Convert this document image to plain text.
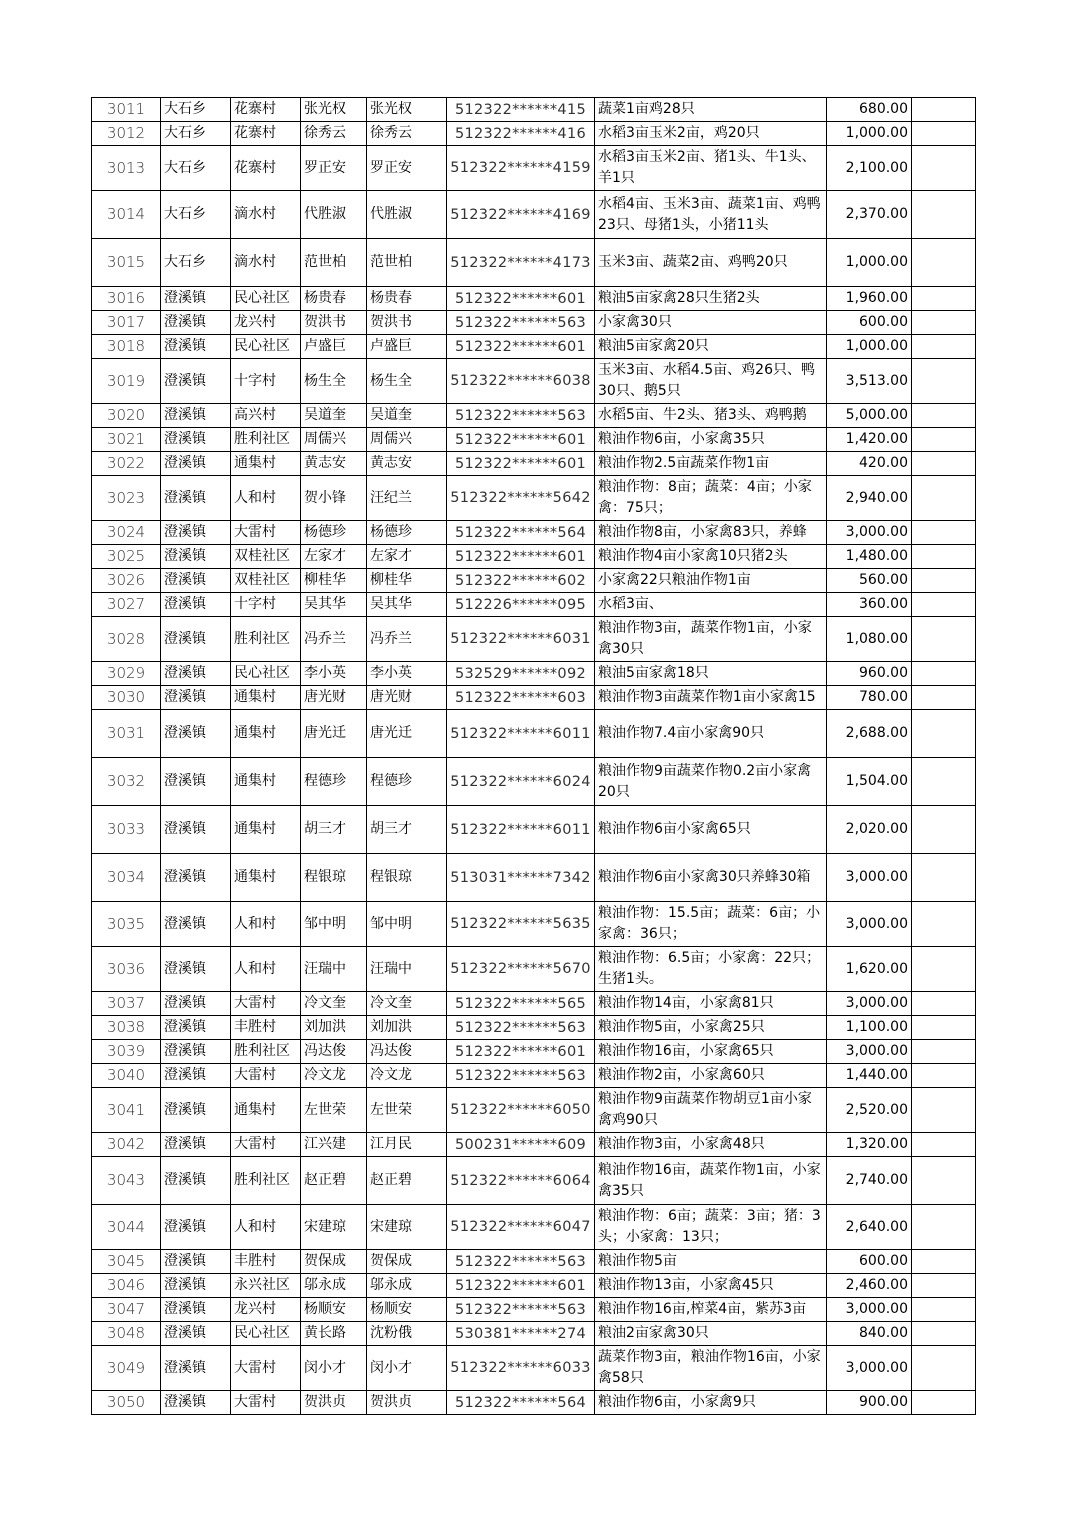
3011	大石乡	花寨村	张光权	张光权	512322******415	蔬菜1亩鸡28只	680.00	
3012	大石乡	花寨村	徐秀云	徐秀云	512322******416	水稻3亩玉米2亩，鸡20只	1,000.00	
3013	大石乡	花寨村	罗正安	罗正安	512322******4159	水稻3亩玉米2亩、猪1头、牛1头、羊1只	2,100.00	
3014	大石乡	滴水村	代胜淑	代胜淑	512322******4169	水稻4亩、玉米3亩、蔬菜1亩、鸡鸭23只、母猪1头，小猪11头	2,370.00	
3015	大石乡	滴水村	范世柏	范世柏	512322******4173	玉米3亩、蔬菜2亩、鸡鸭20只	1,000.00	
3016	澄溪镇	民心社区	杨贵春	杨贵春	512322******601	粮油5亩家禽28只生猪2头	1,960.00	
3017	澄溪镇	龙兴村	贺洪书	贺洪书	512322******563	小家禽30只	600.00	
3018	澄溪镇	民心社区	卢盛巨	卢盛巨	512322******601	粮油5亩家禽20只	1,000.00	
3019	澄溪镇	十字村	杨生全	杨生全	512322******6038	玉米3亩、水稻4.5亩、鸡26只、鸭30只、鹅5只	3,513.00	
3020	澄溪镇	高兴村	吴道奎	吴道奎	512322******563	水稻5亩、牛2头、猪3头、鸡鸭鹅	5,000.00	
3021	澄溪镇	胜利社区	周儒兴	周儒兴	512322******601	粮油作物6亩，小家禽35只	1,420.00	
3022	澄溪镇	通集村	黄志安	黄志安	512322******601	粮油作物2.5亩蔬菜作物1亩	420.00	
3023	澄溪镇	人和村	贺小锋	汪纪兰	512322******5642	粮油作物：8亩；蔬菜：4亩；小家禽：75只；	2,940.00	
3024	澄溪镇	大雷村	杨德珍	杨德珍	512322******564	粮油作物8亩，小家禽83只，养蜂	3,000.00	
3025	澄溪镇	双桂社区	左家才	左家才	512322******601	粮油作物4亩小家禽10只猪2头	1,480.00	
3026	澄溪镇	双桂社区	柳桂华	柳桂华	512322******602	小家禽22只粮油作物1亩	560.00	
3027	澄溪镇	十字村	吴其华	吴其华	512226******095	水稻3亩、	360.00	
3028	澄溪镇	胜利社区	冯乔兰	冯乔兰	512322******6031	粮油作物3亩，蔬菜作物1亩，小家禽30只	1,080.00	
3029	澄溪镇	民心社区	李小英	李小英	532529******092	粮油5亩家禽18只	960.00	
3030	澄溪镇	通集村	唐光财	唐光财	512322******603	粮油作物3亩蔬菜作物1亩小家禽15	780.00	
3031	澄溪镇	通集村	唐光迁	唐光迁	512322******6011	粮油作物7.4亩小家禽90只	2,688.00	
3032	澄溪镇	通集村	程德珍	程德珍	512322******6024	粮油作物9亩蔬菜作物0.2亩小家禽20只	1,504.00	
3033	澄溪镇	通集村	胡三才	胡三才	512322******6011	粮油作物6亩小家禽65只	2,020.00	
3034	澄溪镇	通集村	程银琼	程银琼	513031******7342	粮油作物6亩小家禽30只养蜂30箱	3,000.00	
3035	澄溪镇	人和村	邹中明	邹中明	512322******5635	粮油作物：15.5亩；蔬菜：6亩；小家禽：36只；	3,000.00	
3036	澄溪镇	人和村	汪瑞中	汪瑞中	512322******5670	粮油作物：6.5亩；小家禽：22只；生猪1头。	1,620.00	
3037	澄溪镇	大雷村	冷文奎	冷文奎	512322******565	粮油作物14亩，小家禽81只	3,000.00	
3038	澄溪镇	丰胜村	刘加洪	刘加洪	512322******563	粮油作物5亩，小家禽25只	1,100.00	
3039	澄溪镇	胜利社区	冯达俊	冯达俊	512322******601	粮油作物16亩，小家禽65只	3,000.00	
3040	澄溪镇	大雷村	冷文龙	冷文龙	512322******563	粮油作物2亩，小家禽60只	1,440.00	
3041	澄溪镇	通集村	左世荣	左世荣	512322******6050	粮油作物9亩蔬菜作物胡豆1亩小家禽鸡90只	2,520.00	
3042	澄溪镇	大雷村	江兴建	江月民	500231******609	粮油作物3亩，小家禽48只	1,320.00	
3043	澄溪镇	胜利社区	赵正碧	赵正碧	512322******6064	粮油作物16亩，蔬菜作物1亩，小家禽35只	2,740.00	
3044	澄溪镇	人和村	宋建琼	宋建琼	512322******6047	粮油作物：6亩；蔬菜：3亩；猪：3头；小家禽：13只；	2,640.00	
3045	澄溪镇	丰胜村	贺保成	贺保成	512322******563	粮油作物5亩	600.00	
3046	澄溪镇	永兴社区	邬永成	邬永成	512322******601	粮油作物13亩，小家禽45只	2,460.00	
3047	澄溪镇	龙兴村	杨顺安	杨顺安	512322******563	粮油作物16亩,榨菜4亩，紫苏3亩	3,000.00	
3048	澄溪镇	民心社区	黄长路	沈粉俄	530381******274	粮油2亩家禽30只	840.00	
3049	澄溪镇	大雷村	闵小才	闵小才	512322******6033	蔬菜作物3亩，粮油作物16亩，小家禽58只	3,000.00	
3050	澄溪镇	大雷村	贺洪贞	贺洪贞	512322******564	粮油作物6亩，小家禽9只	900.00	
